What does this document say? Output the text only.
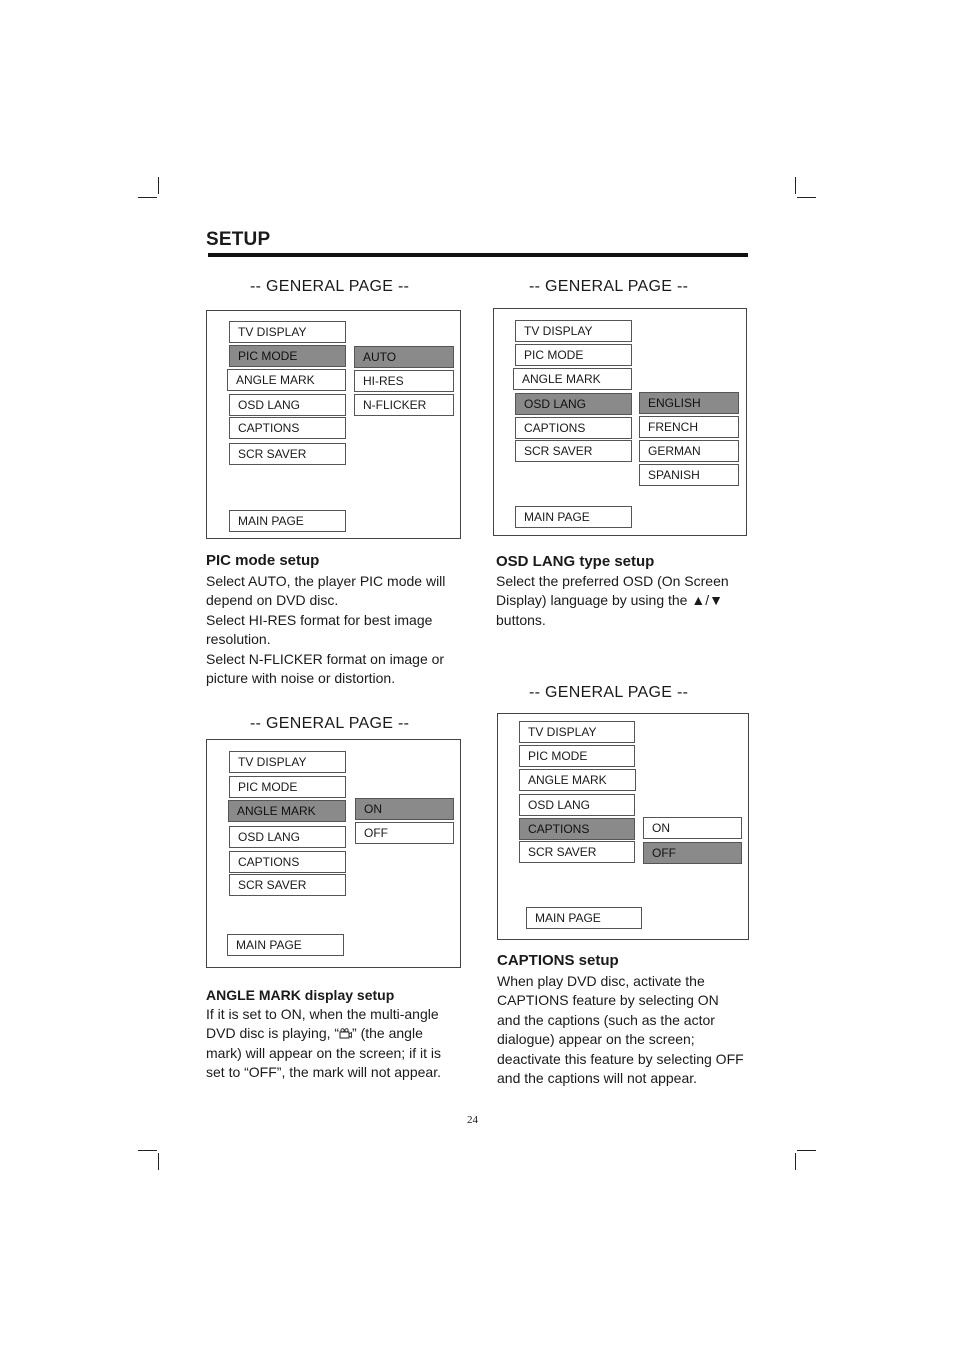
SETUP
-- GENERAL PAGE --
TV DISPLAY
PIC MODE
ANGLE MARK
OSD LANG
CAPTIONS
SCR SAVER
MAIN PAGE
AUTO
HI-RES
N-FLICKER
-- GENERAL PAGE --
TV DISPLAY
PIC MODE
ANGLE MARK
OSD LANG
CAPTIONS
SCR SAVER
MAIN PAGE
ENGLISH
FRENCH
GERMAN
SPANISH
PIC mode setup

Select AUTO, the player PIC mode will depend on DVD disc.

Select HI-RES format for best image resolution.

Select N-FLICKER format on image or picture with noise or distortion.

OSD LANG type setup

Select the preferred OSD (On Screen Display) language by using the ▲/▼ buttons.

-- GENERAL PAGE --
TV DISPLAY
PIC MODE
ANGLE MARK
OSD LANG
CAPTIONS
SCR SAVER
MAIN PAGE
ON
OFF
-- GENERAL PAGE --
TV DISPLAY
PIC MODE
ANGLE MARK
OSD LANG
CAPTIONS
SCR SAVER
MAIN PAGE
ON
OFF
CAPTIONS setup

When play DVD disc, activate the CAPTIONS feature by selecting ON and the captions (such as the actor dialogue) appear on the screen; deactivate this feature by selecting OFF and the captions will not appear.

ANGLE MARK display setup

If it is set to ON, when the multi-angle DVD disc is playing, “ ” (the angle mark) will appear on the screen; if it is set to “OFF”, the mark will not appear.

24
